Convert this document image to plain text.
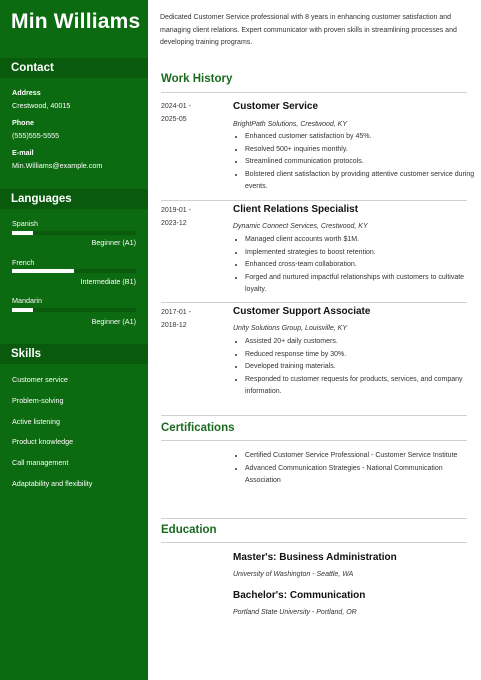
Min Williams
Contact
Address
Crestwood, 40015
Phone
(555)555-5555
E-mail
Min.Williams@example.com
Languages
Spanish
Beginner (A1)
French
Intermediate (B1)
Mandarin
Beginner (A1)
Skills
Customer service
Problem-solving
Active listening
Product knowledge
Call management
Adaptability and flexibility
Dedicated Customer Service professional with 8 years in enhancing customer satisfaction and managing client relations. Expert communicator with proven skills in streamlining processes and developing training programs.
Work History
2024-01 -
2025-05
Customer Service
BrightPath Solutions, Crestwood, KY
• Enhanced customer satisfaction by 45%.
• Resolved 500+ inquiries monthly.
• Streamlined communication protocols.
• Bolstered client satisfaction by providing attentive customer service during events.
2019-01 -
2023-12
Client Relations Specialist
Dynamic Connect Services, Crestwood, KY
• Managed client accounts worth $1M.
• Implemented strategies to boost retention.
• Enhanced cross-team collaboration.
• Forged and nurtured impactful relationships with customers to cultivate loyalty.
2017-01 -
2018-12
Customer Support Associate
Unity Solutions Group, Louisville, KY
• Assisted 20+ daily customers.
• Reduced response time by 30%.
• Developed training materials.
• Responded to customer requests for products, services, and company information.
Certifications
• Certified Customer Service Professional - Customer Service Institute
• Advanced Communication Strategies - National Communication Association
Education
Master's: Business Administration
University of Washington - Seattle, WA
Bachelor's: Communication
Portland State University - Portland, OR
